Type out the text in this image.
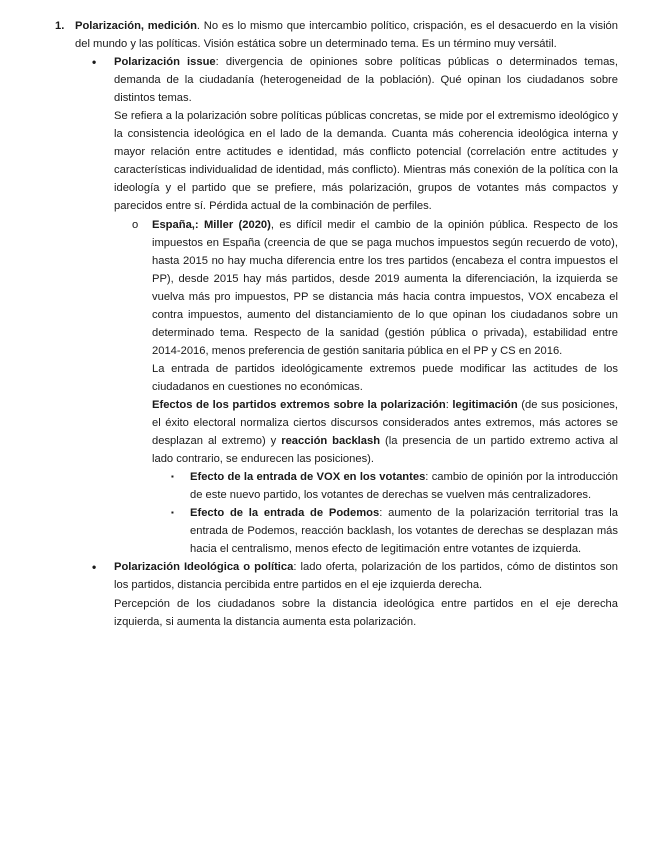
1. Polarización, medición. No es lo mismo que intercambio político, crispación, es el desacuerdo en la visión del mundo y las políticas. Visión estática sobre un determinado tema. Es un término muy versátil.

• Polarización issue: divergencia de opiniones sobre políticas públicas o determinados temas, demanda de la ciudadanía (heterogeneidad de la población). Qué opinan los ciudadanos sobre distintos temas.

Se refiera a la polarización sobre políticas públicas concretas, se mide por el extremismo ideológico y la consistencia ideológica en el lado de la demanda. Cuanta más coherencia ideológica interna y mayor relación entre actitudes e identidad, más conflicto potencial (correlación entre actitudes y características individualidad de identidad, más conflicto). Mientras más conexión de la política con la ideología y el partido que se prefiere, más polarización, grupos de votantes más compactos y parecidos entre sí. Pérdida actual de la combinación de perfiles.

o España,: Miller (2020), es difícil medir el cambio de la opinión pública. Respecto de los impuestos en España (creencia de que se paga muchos impuestos según recuerdo de voto), hasta 2015 no hay mucha diferencia entre los tres partidos (encabeza el contra impuestos el PP), desde 2015 hay más partidos, desde 2019 aumenta la diferenciación, la izquierda se vuelva más pro impuestos, PP se distancia más hacia contra impuestos, VOX encabeza el contra impuestos, aumento del distanciamiento de lo que opinan los ciudadanos sobre un determinado tema. Respecto de la sanidad (gestión pública o privada), estabilidad entre 2014-2016, menos preferencia de gestión sanitaria pública en el PP y CS en 2016.

La entrada de partidos ideológicamente extremos puede modificar las actitudes de los ciudadanos en cuestiones no económicas.

Efectos de los partidos extremos sobre la polarización: legitimación (de sus posiciones, el éxito electoral normaliza ciertos discursos considerados antes extremos, más actores se desplazan al extremo) y reacción backlash (la presencia de un partido extremo activa al lado contrario, se endurecen las posiciones).

▪ Efecto de la entrada de VOX en los votantes: cambio de opinión por la introducción de este nuevo partido, los votantes de derechas se vuelven más centralizadores.

▪ Efecto de la entrada de Podemos: aumento de la polarización territorial tras la entrada de Podemos, reacción backlash, los votantes de derechas se desplazan más hacia el centralismo, menos efecto de legitimación entre votantes de izquierda.

• Polarización Ideológica o política: lado oferta, polarización de los partidos, cómo de distintos son los partidos, distancia percibida entre partidos en el eje izquierda derecha.

Percepción de los ciudadanos sobre la distancia ideológica entre partidos en el eje derecha izquierda, si aumenta la distancia aumenta esta polarización.
